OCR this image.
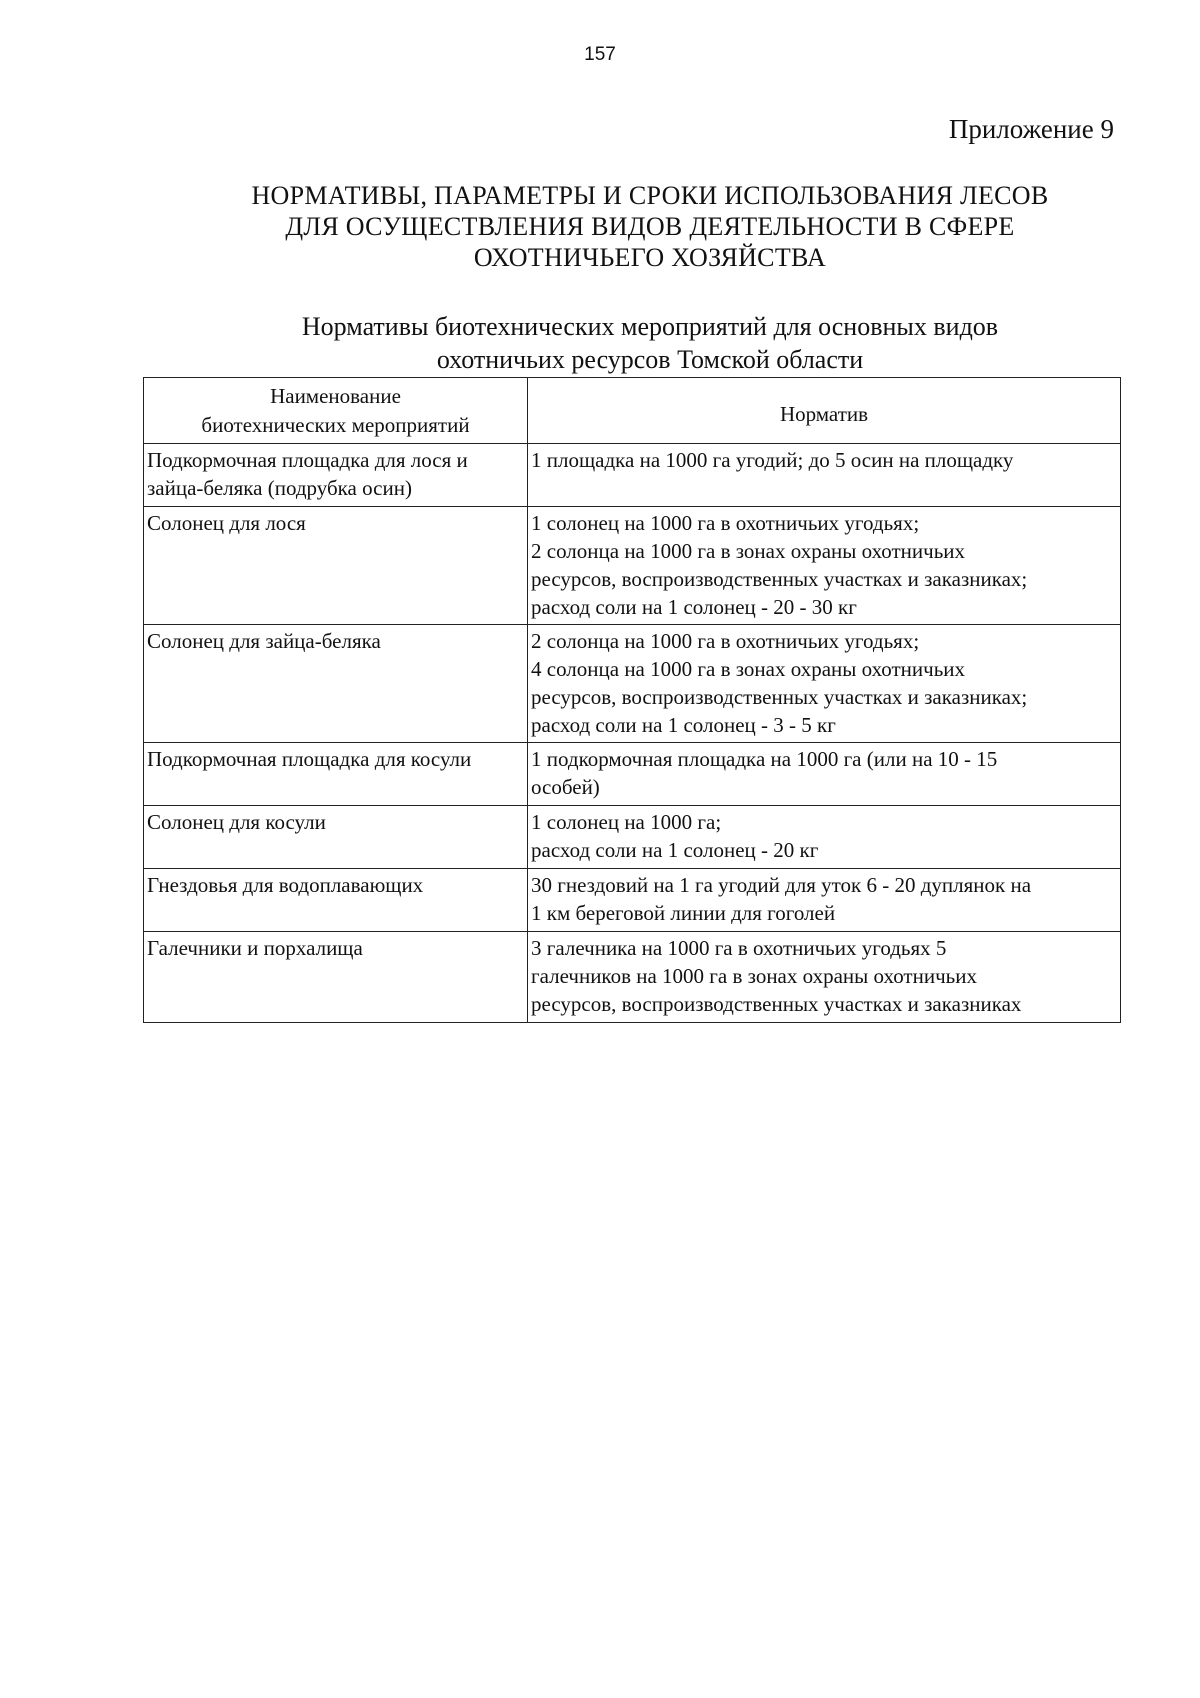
157
Приложение 9
НОРМАТИВЫ, ПАРАМЕТРЫ И СРОКИ ИСПОЛЬЗОВАНИЯ ЛЕСОВ
ДЛЯ ОСУЩЕСТВЛЕНИЯ ВИДОВ ДЕЯТЕЛЬНОСТИ В СФЕРЕ
ОХОТНИЧЬЕГО ХОЗЯЙСТВА
Нормативы биотехнических мероприятий для основных видов
охотничьих ресурсов Томской области
Наименование
биотехнических мероприятий	Норматив

Подкормочная площадка для лося и
зайца-беляка (подрубка осин)	1 площадка на 1000 га угодий; до 5 осин на площадку

Солонец для лося	1 солонец на 1000 га в охотничьих угодьях;
2 солонца на 1000 га в зонах охраны охотничьих
ресурсов, воспроизводственных участках и заказниках;
расход соли на 1 солонец - 20 - 30 кг

Солонец для зайца-беляка	2 солонца на 1000 га в охотничьих угодьях;
4 солонца на 1000 га в зонах охраны охотничьих
ресурсов, воспроизводственных участках и заказниках;
расход соли на 1 солонец - 3 - 5 кг

Подкормочная площадка для косули	1 подкормочная площадка на 1000 га (или на 10 - 15
особей)

Солонец для косули	1 солонец на 1000 га;
расход соли на 1 солонец - 20 кг

Гнездовья для водоплавающих	30 гнездовий на 1 га угодий для уток 6 - 20 дуплянок на
1 км береговой линии для гоголей

Галечники и порхалища	3 галечника на 1000 га в охотничьих угодьях 5
галечников на 1000 га в зонах охраны охотничьих
ресурсов, воспроизводственных участках и заказниках
